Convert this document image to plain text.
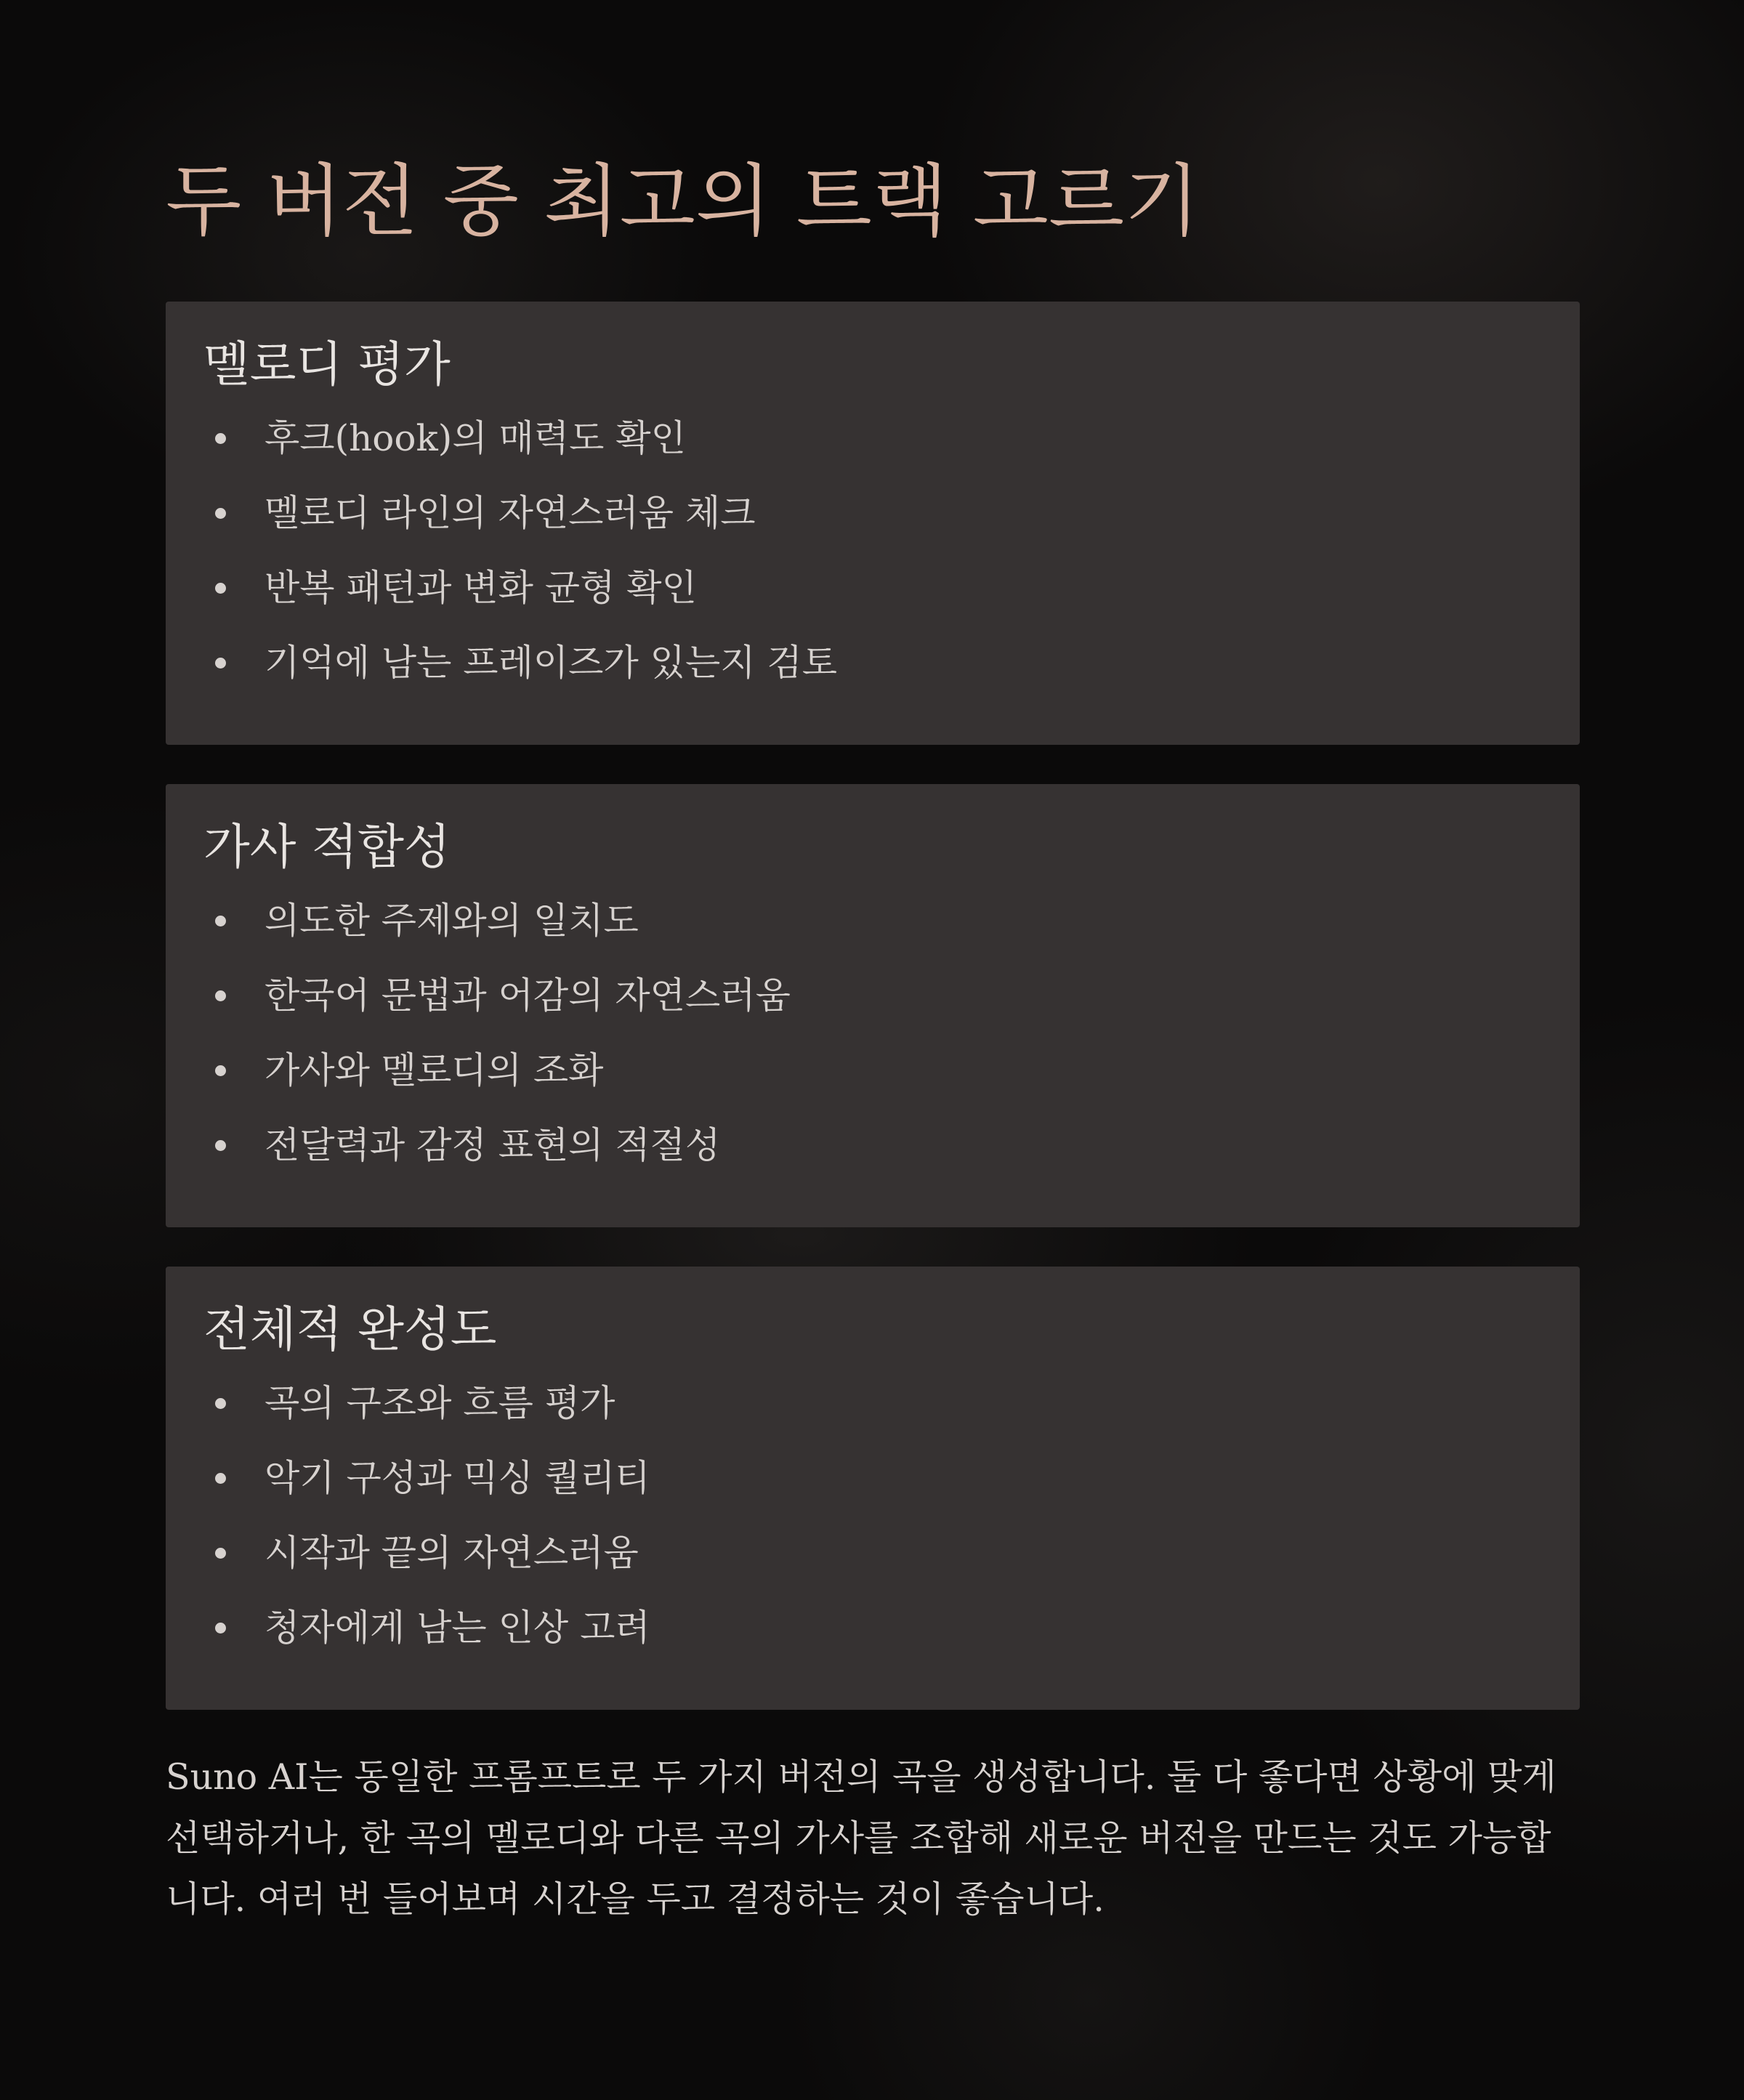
두 버전 중 최고의 트랙 고르기
멜로디 평가
후크(hook)의 매력도 확인
멜로디 라인의 자연스러움 체크
반복 패턴과 변화 균형 확인
기억에 남는 프레이즈가 있는지 검토
가사 적합성
의도한 주제와의 일치도
한국어 문법과 어감의 자연스러움
가사와 멜로디의 조화
전달력과 감정 표현의 적절성
전체적 완성도
곡의 구조와 흐름 평가
악기 구성과 믹싱 퀄리티
시작과 끝의 자연스러움
청자에게 남는 인상 고려

Suno AI는 동일한 프롬프트로 두 가지 버전의 곡을 생성합니다. 둘 다 좋다면 상황에 맞게 선택하거나, 한 곡의 멜로디와 다른 곡의 가사를 조합해 새로운 버전을 만드는 것도 가능합니다. 여러 번 들어보며 시간을 두고 결정하는 것이 좋습니다.
